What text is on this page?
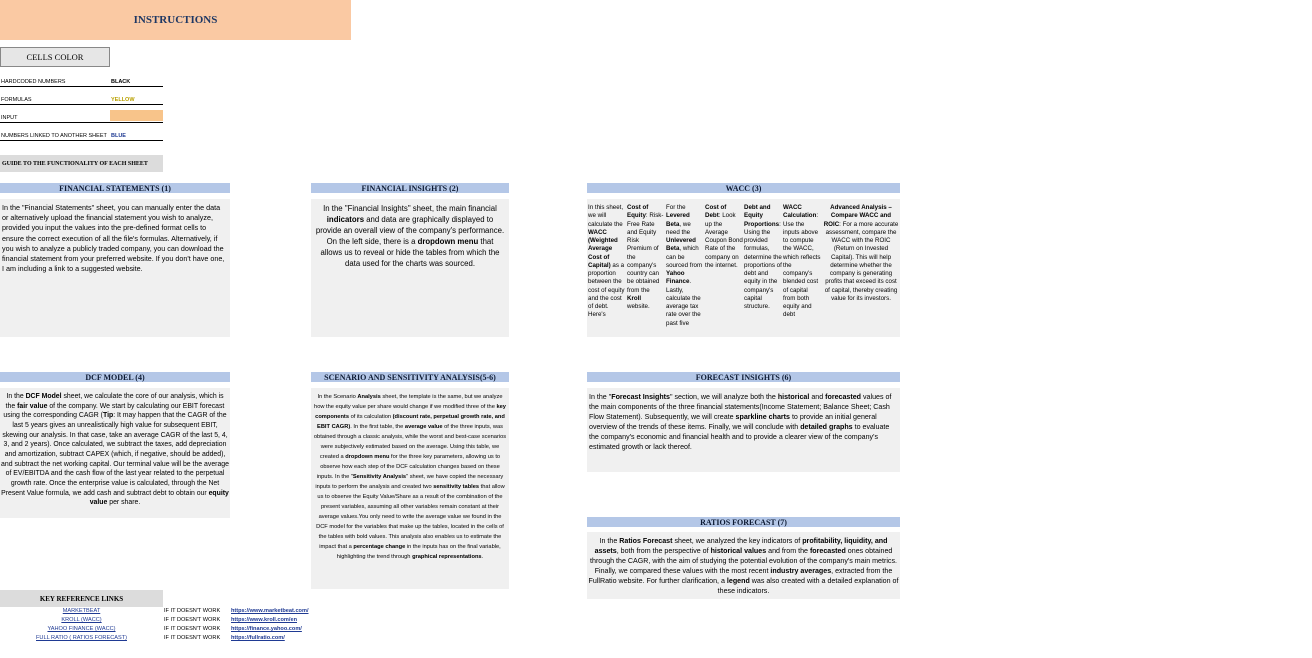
INSTRUCTIONS
CELLS COLOR
HARDCODED NUMBERS	BLACK
FORMULAS	YELLOW
INPUT
NUMBERS LINKED TO ANOTHER SHEET BLUE
GUIDE TO THE FUNCTIONALITY OF EACH SHEET
FINANCIAL STATEMENTS (1)
In the "Financial Statements" sheet, you can manually enter the data or alternatively upload the financial statement you wish to analyze, provided you input the values into the pre-defined format cells to ensure the correct execution of all the file's formulas. Alternatively, if you wish to analyze a publicly traded company, you can download the financial statement from your preferred website. If you don't have one, I am including a link to a suggested website.
FINANCIAL INSIGHTS (2)
In the "Financial Insights" sheet, the main financial indicators and data are graphically displayed to provide an overall view of the company's performance. On the left side, there is a dropdown menu that allows us to reveal or hide the tables from which the data used for the charts was sourced.
WACC (3)
In this sheet, we will calculate the WACC (Weighted Average Cost of Capital) as a proportion between the cost of equity and the cost of debt. Here's
Cost of Equity: Risk-Free Rate and Equity Risk Premium of the company's country can be obtained from the Kroll website.
For the Levered Beta, we need the Unlevered Beta, which can be sourced from Yahoo Finance. Lastly, calculate the average tax rate over the past five
Cost of Debt: Look up the Average Coupon Bond Rate of the company on the internet.
Debt and Equity Proportions: Using the provided formulas, determine the proportions of debt and equity in the company's capital structure.
WACC Calculation: Use the inputs above to compute the WACC, which reflects the company's blended cost of capital from both equity and debt
Advanced Analysis – Compare WACC and ROIC: For a more accurate assessment, compare the WACC with the ROIC (Return on Invested Capital). This will help determine whether the company is generating profits that exceed its cost of capital, thereby creating value for its investors.
DCF MODEL (4)
In the DCF Model sheet, we calculate the core of our analysis, which is the fair value of the company. We start by calculating our EBIT forecast using the corresponding CAGR (Tip: It may happen that the CAGR of the last 5 years gives an unrealistically high value for subsequent EBIT, skewing our analysis. In that case, take an average CAGR of the last 5, 4, 3, and 2 years). Once calculated, we subtract the taxes, add depreciation and amortization, subtract CAPEX (which, if negative, should be added), and subtract the net working capital. Our terminal value will be the average of EV/EBITDA and the cash flow of the last year related to the perpetual growth rate. Once the enterprise value is calculated, through the Net Present Value formula, we add cash and subtract debt to obtain our equity value per share.
SCENARIO AND SENSITIVITY ANALYSIS(5-6)
In the Scenario Analysis sheet, the template is the same, but we analyze how the equity value per share would change if we modified three of the key components of its calculation (discount rate, perpetual growth rate, and EBIT CAGR). In the first table, the average value of the three inputs, was obtained through a classic analysis, while the worst and best-case scenarios were subjectively estimated based on the average. Using this table, we created a dropdown menu for the three key parameters, allowing us to observe how each step of the DCF calculation changes based on these inputs. In the "Sensitivity Analysis" sheet, we have copied the necessary inputs to perform the analysis and created two sensitivity tables that allow us to observe the Equity Value/Share as a result of the combination of the present variables, assuming all other variables remain constant at their average values.You only need to write the average value we found in the DCF model for the variables that make up the tables, located in the cells of the tables with bold values. This analysis also enables us to estimate the impact that a percentage change in the inputs has on the final variable, highlighting the trend through graphical representations.
FORECAST INSIGHTS (6)
In the "Forecast Insights" section, we will analyze both the historical and forecasted values of the main components of the three financial statements(Income Statement; Balance Sheet; Cash Flow Statement). Subsequently, we will create sparkline charts to provide an initial general overview of the trends of these items. Finally, we will conclude with detailed graphs to evaluate the company's economic and financial health and to provide a clearer view of the company's estimated growth or lack thereof.
RATIOS FORECAST (7)
In the Ratios Forecast sheet, we analyzed the key indicators of profitability, liquidity, and assets, both from the perspective of historical values and from the forecasted ones obtained through the CAGR, with the aim of studying the potential evolution of the company's main metrics. Finally, we compared these values with the most recent industry averages, extracted from the FullRatio website. For further clarification, a legend was also created with a detailed explanation of these indicators.
KEY REFERENCE LINKS
MARKETBEAT	IF IT DOESN'T WORK https://www.marketbeat.com/
KROLL (WACC)	IF IT DOESN'T WORK https://www.kroll.com/en
YAHOO FINANCE (WACC)	IF IT DOESN'T WORK https://finance.yahoo.com/
FULL RATIO ( RATIOS FORECAST)	IF IT DOESN'T WORK https://fullratio.com/
